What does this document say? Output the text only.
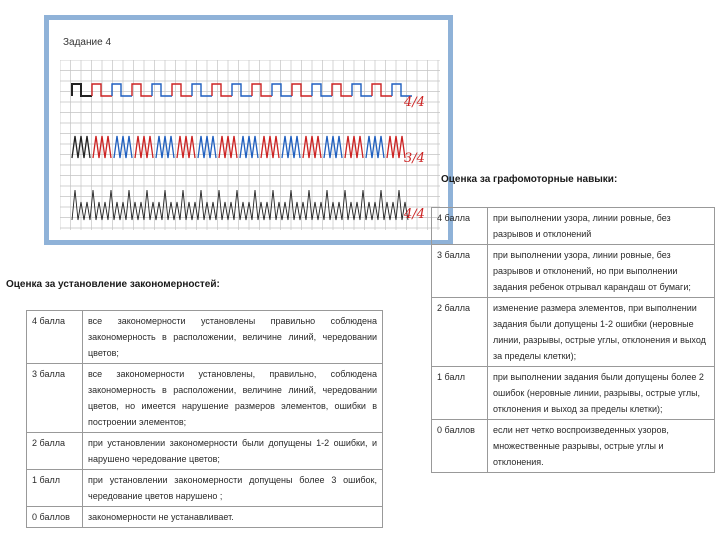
Задание 4
4/4
3/4
4/4
Оценка за графомоторные навыки:
Оценка за установление закономерностей:
4 балла	при выполнении узора, линии ровные, без разрывов и отклонений
3 балла	при выполнении узора, линии ровные, без разрывов и отклонений, но при выполнении задания ребенок отрывал карандаш от бумаги;
2 балла	изменение размера элементов, при выполнении задания были допущены 1-2 ошибки (неровные линии, разрывы, острые углы, отклонения и выход за пределы клетки);
1 балл	при выполнении задания были допущены более 2 ошибок (неровные линии, разрывы, острые углы, отклонения и выход за пределы клетки);
0 баллов	если нет четко воспроизведенных узоров, множественные разрывы, острые углы и отклонения.
4 балла	все закономерности установлены правильно соблюдена закономерность в расположении, величине линий, чередовании цветов;
3 балла	все закономерности установлены, правильно, соблюдена закономерность в расположении, величине линий, чередовании цветов, но имеется нарушение размеров элементов, ошибки в построении элементов;
2 балла	при установлении закономерности были допущены 1-2 ошибки, и нарушено чередование цветов;
1 балл	при установлении закономерности допущены более 3 ошибок, чередование цветов нарушено ;
0 баллов	закономерности не устанавливает.
